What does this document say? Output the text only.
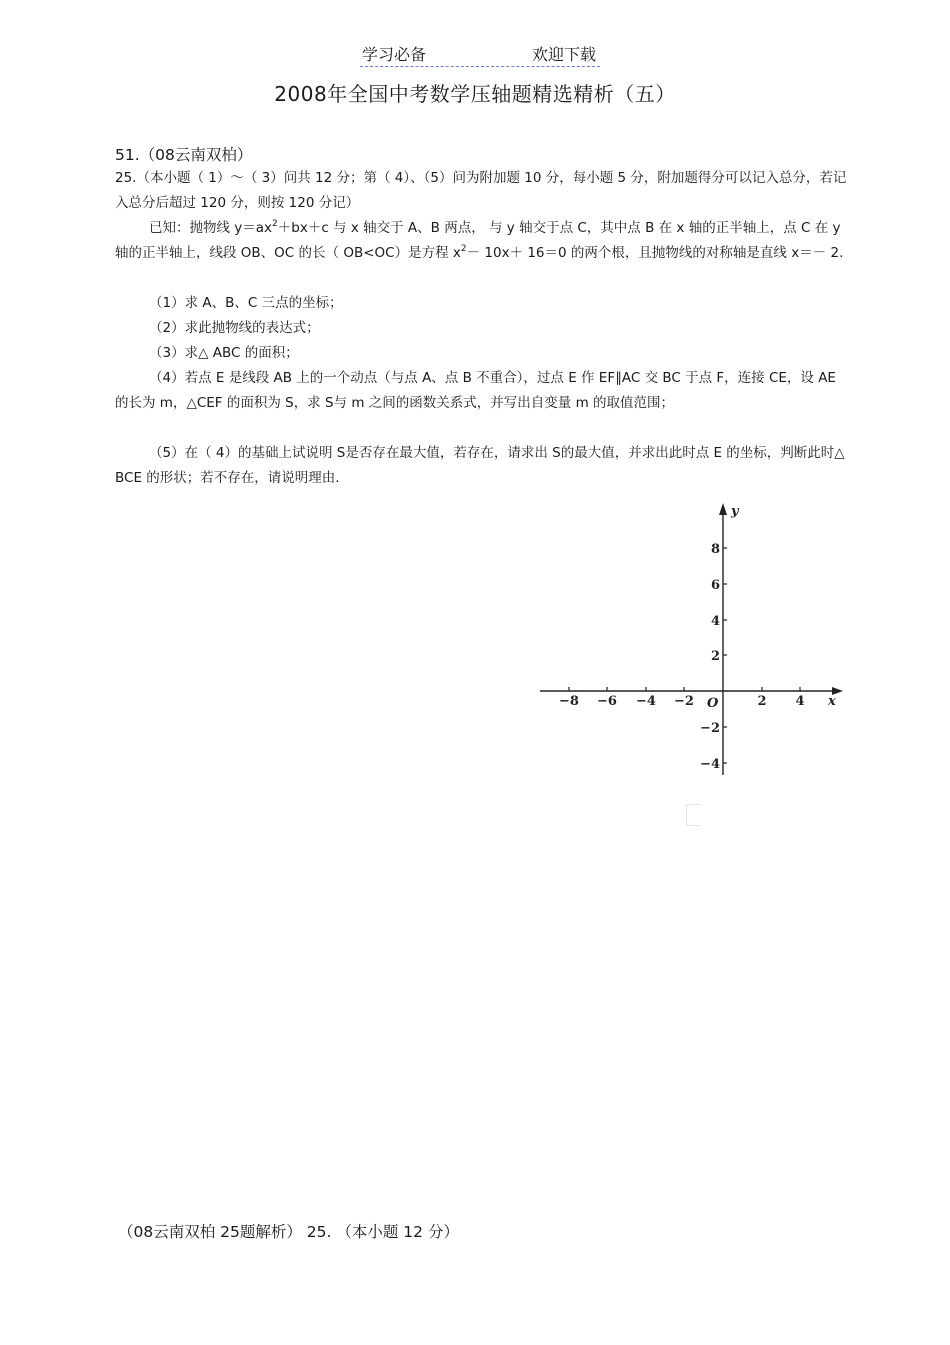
学习必备	欢迎下载
2008年全国中考数学压轴题精选精析（五）
51.（08云南双柏）
25.（本小题（ 1）～（ 3）问共 12 分；第（ 4）、（5）问为附加题 10 分，每小题 5 分，附加题得分可以记入总分，若记入总分后超过 120 分，则按 120 分记）
已知：抛物线 $y=ax^2+bx+c$ 与 x 轴交于 A、B 两点， 与 y 轴交于点 C，其中点 B 在 x 轴的正半轴上，点 C 在 y 轴的正半轴上，线段 OB、OC 的长（ OB<OC）是方程 $x^2- 10x+ 16=0$ 的两个根，且抛物线的对称轴是直线 x＝－ 2.
（1）求 A、B、C 三点的坐标；
（2）求此抛物线的表达式；
（3）求△ ABC 的面积；
（4）若点 E 是线段 AB 上的一个动点（与点 A、点 B 不重合），过点 E 作 EF∥AC 交 BC 于点 F，连接 CE，设 AE 的长为 m，△CEF 的面积为 S，求 S与 m 之间的函数关系式，并写出自变量 m 的取值范围；
（5）在（ 4）的基础上试说明 S是否存在最大值，若存在，请求出 S的最大值，并求出此时点 E 的坐标，判断此时△ BCE 的形状；若不存在，请说明理由.
−8 −6 −4 −2	2 4
8
6
4
2
−2
−4
O	x
y
（08云南双柏 25题解析） 25. （本小题 12 分）
